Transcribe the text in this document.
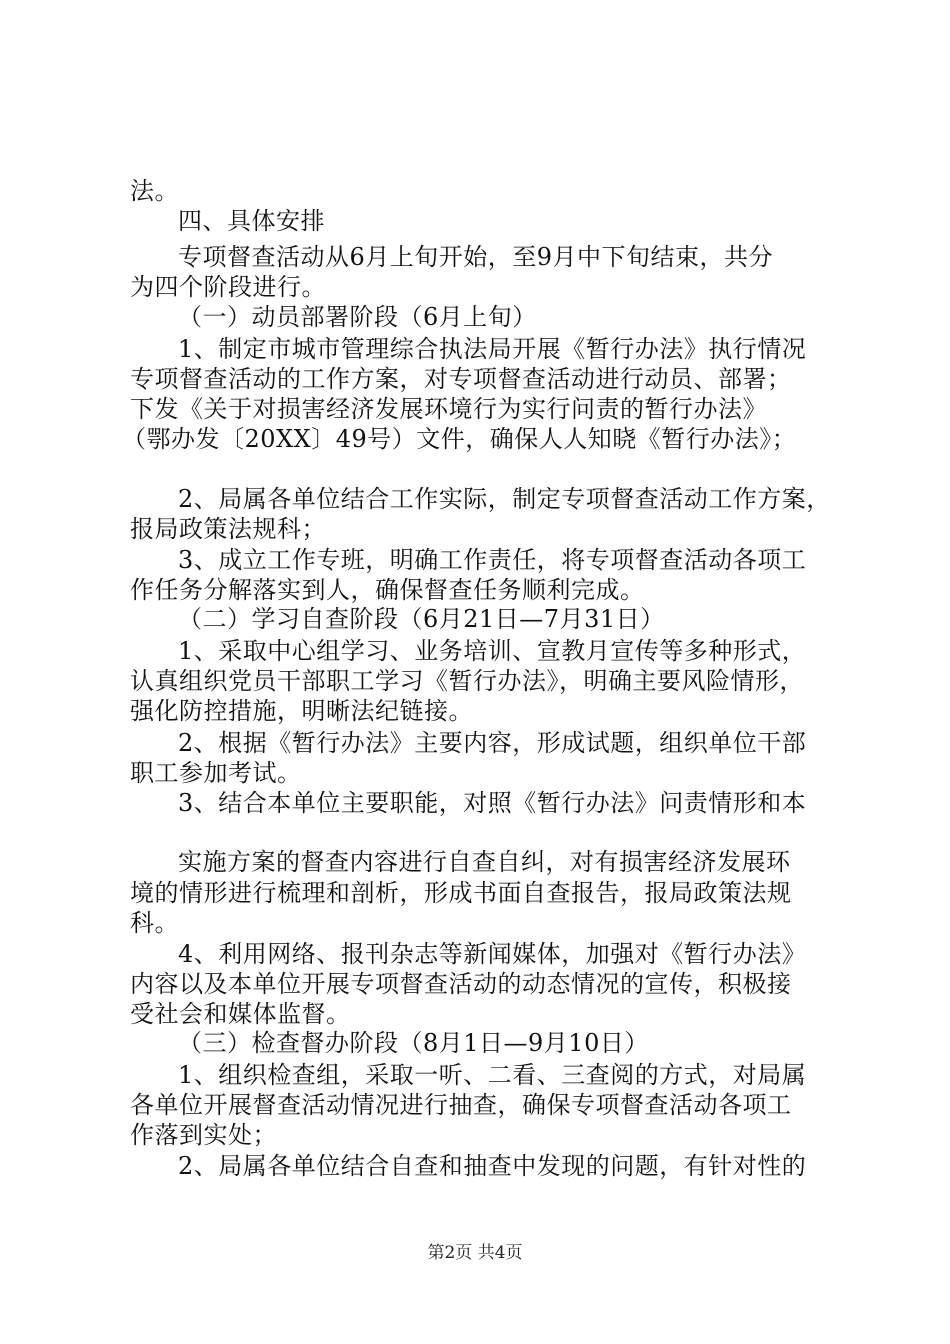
法。
四、具体安排
专项督查活动从6月上旬开始，至9月中下旬结束，共分
为四个阶段进行。
（一）动员部署阶段（6月上旬）
1、制定市城市管理综合执法局开展《暂行办法》执行情况
专项督查活动的工作方案，对专项督查活动进行动员、部署；
下发《关于对损害经济发展环境行为实行问责的暂行办法》
（鄂办发〔20XX〕49号）文件，确保人人知晓《暂行办法》；
2、局属各单位结合工作实际，制定专项督查活动工作方案，
报局政策法规科；
3、成立工作专班，明确工作责任，将专项督查活动各项工
作任务分解落实到人，确保督查任务顺利完成。
（二）学习自查阶段（6月21日—7月31日）
1、采取中心组学习、业务培训、宣教月宣传等多种形式，
认真组织党员干部职工学习《暂行办法》，明确主要风险情形，
强化防控措施，明晰法纪链接。
2、根据《暂行办法》主要内容，形成试题，组织单位干部
职工参加考试。
3、结合本单位主要职能，对照《暂行办法》问责情形和本
实施方案的督查内容进行自查自纠，对有损害经济发展环
境的情形进行梳理和剖析，形成书面自查报告，报局政策法规
科。
4、利用网络、报刊杂志等新闻媒体，加强对《暂行办法》
内容以及本单位开展专项督查活动的动态情况的宣传，积极接
受社会和媒体监督。
（三）检查督办阶段（8月1日—9月10日）
1、组织检查组，采取一听、二看、三查阅的方式，对局属
各单位开展督查活动情况进行抽查，确保专项督查活动各项工
作落到实处；
2、局属各单位结合自查和抽查中发现的问题，有针对性的
第2页 共4页
